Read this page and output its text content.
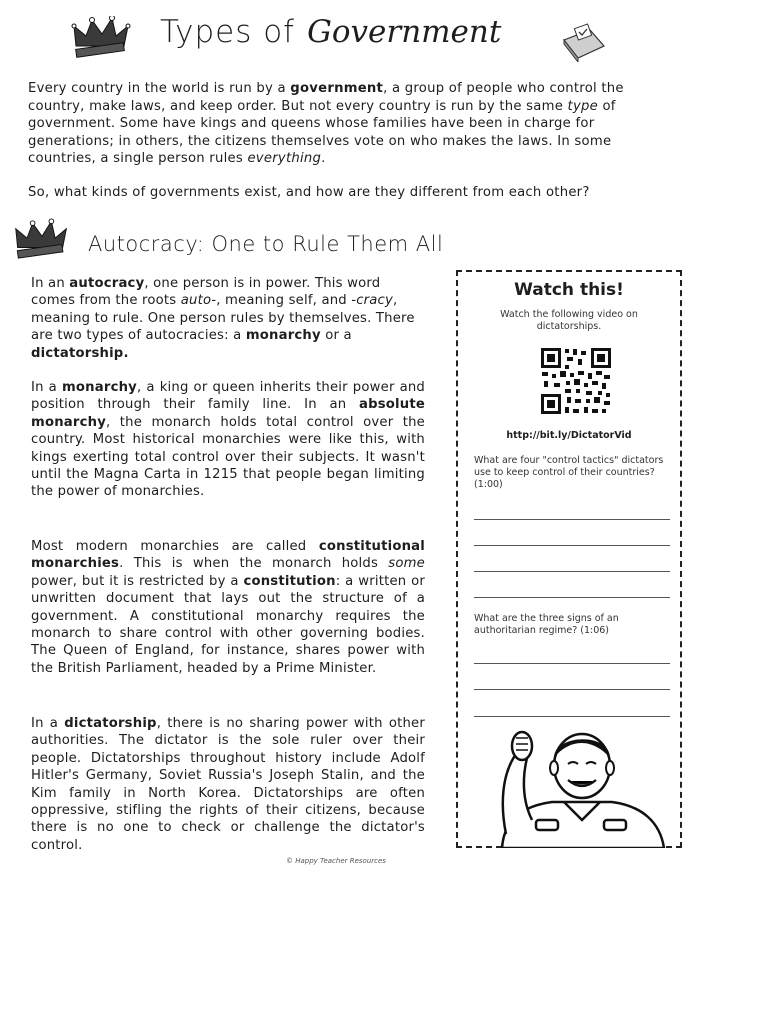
Types of Government
Every country in the world is run by a government, a group of people who control the country, make laws, and keep order. But not every country is run by the same type of government. Some have kings and queens whose families have been in charge for generations; in others, the citizens themselves vote on who makes the laws. In some countries, a single person rules everything.
So, what kinds of governments exist, and how are they different from each other?
Autocracy: One to Rule Them All
In an autocracy, one person is in power. This word comes from the roots auto-, meaning self, and -cracy, meaning to rule. One person rules by themselves. There are two types of autocracies: a monarchy or a dictatorship.
In a monarchy, a king or queen inherits their power and position through their family line. In an absolute monarchy, the monarch holds total control over the country. Most historical monarchies were like this, with kings exerting total control over their subjects. It wasn't until the Magna Carta in 1215 that people began limiting the power of monarchies.
Most modern monarchies are called constitutional monarchies. This is when the monarch holds some power, but it is restricted by a constitution: a written or unwritten document that lays out the structure of a government. A constitutional monarchy requires the monarch to share control with other governing bodies. The Queen of England, for instance, shares power with the British Parliament, headed by a Prime Minister.
In a dictatorship, there is no sharing power with other authorities. The dictator is the sole ruler over their people. Dictatorships throughout history include Adolf Hitler's Germany, Soviet Russia's Joseph Stalin, and the Kim family in North Korea. Dictatorships are often oppressive, stifling the rights of their citizens, because there is no one to check or challenge the dictator's control.
© Happy Teacher Resources
Watch this!
Watch the following video on dictatorships.
http://bit.ly/DictatorVid
What are four "control tactics" dictators use to keep control of their countries? (1:00)
What are the three signs of an authoritarian regime? (1:06)
